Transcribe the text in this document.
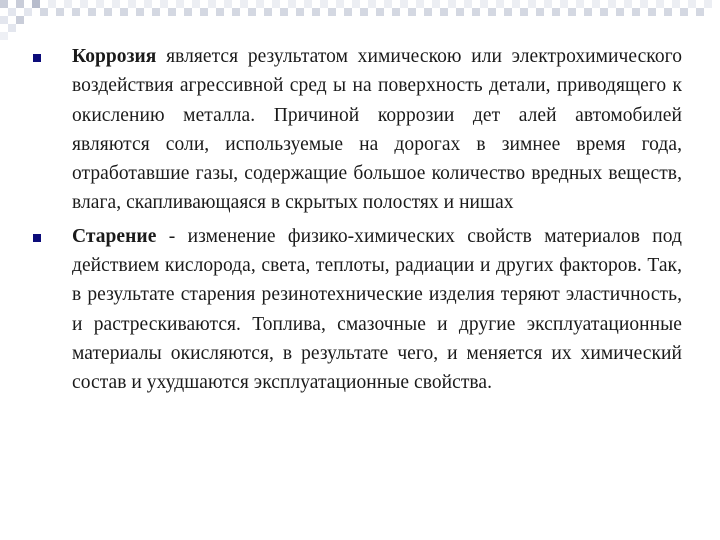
Коррозия является результатом химическою или электрохимического воздействия агрессивной сред ы на поверхность детали, приводящего к окислению металла. Причиной коррозии дет алей автомобилей являются соли, используемые на дорогах в зимнее время года, отработавшие газы, содержащие большое количество вредных веществ, влага, скапливающаяся в скрытых полостях и нишах
Старение - изменение физико-химических свойств материалов под действием кислорода, света, теплоты, радиации и других факторов. Так, в результате старения резинотехнические изделия теряют эластичность, и растрескиваются. Топлива, смазочные и другие эксплуатационные материалы окисляются, в результате чего, и меняется их химический состав и ухудшаются эксплуатационные свойства.
